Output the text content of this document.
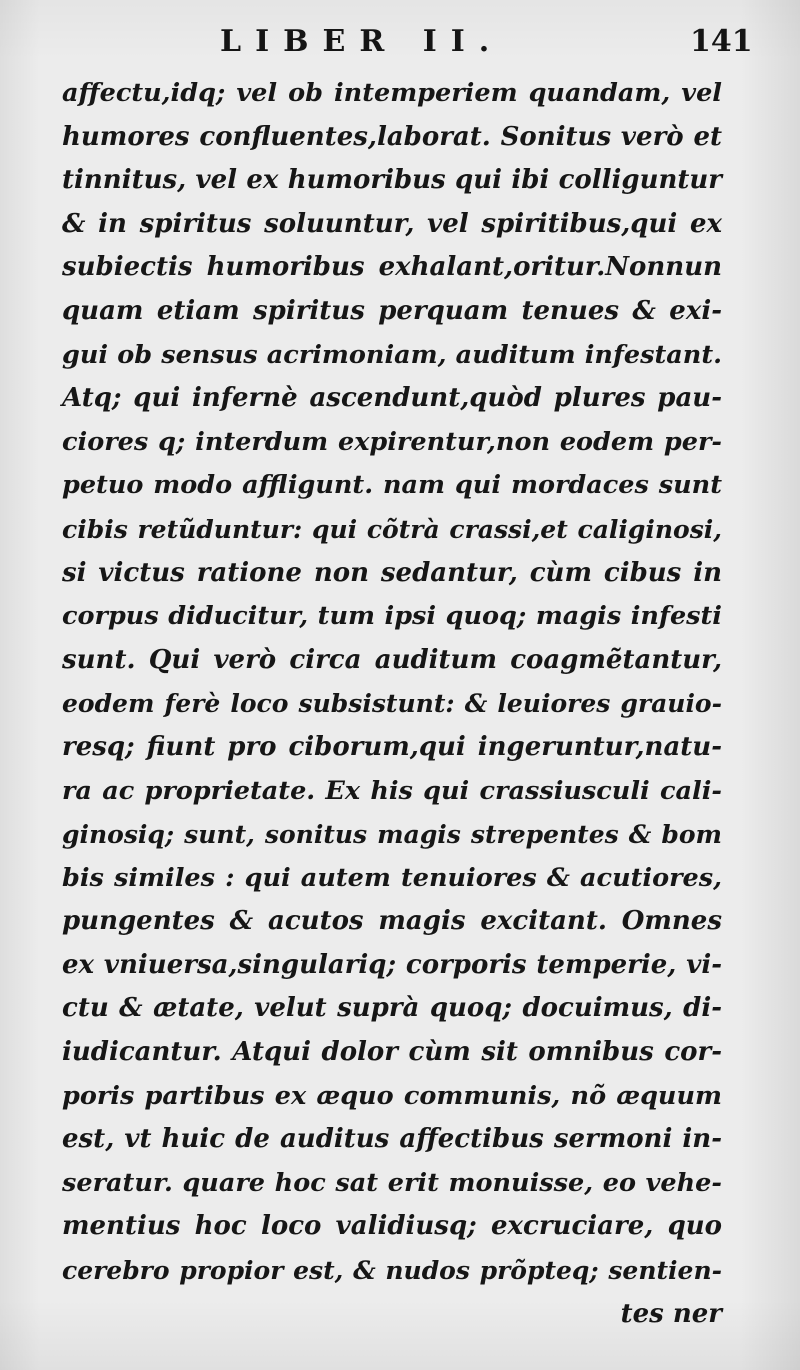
LIBER II.	141
affectu,idq; vel ob intemperiem quandam, vel
humores confluentes,laborat. Sonitus verò et
tinnitus, vel ex humoribus qui ibi colliguntur
& in spiritus soluuntur, vel spiritibus,qui ex
subiectis humoribus exhalant,oritur.Nonnun
quam etiam spiritus perquam tenues & exi-
gui ob sensus acrimoniam, auditum infestant.
Atq; qui infernè ascendunt,quòd plures pau-
ciores q; interdum expirentur,non eodem per-
petuo modo affligunt. nam qui mordaces sunt
cibis retũduntur: qui cõtrà crassi,et caliginosi,
si victus ratione non sedantur, cùm cibus in
corpus diducitur, tum ipsi quoq; magis infesti
sunt. Qui verò circa auditum coagmẽtantur,
eodem ferè loco subsistunt: & leuiores grauio-
resq; fiunt pro ciborum,qui ingeruntur,natu-
ra ac proprietate. Ex his qui crassiusculi cali-
ginosiq; sunt, sonitus magis strepentes & bom
bis similes : qui autem tenuiores & acutiores,
pungentes & acutos magis excitant. Omnes
ex vniuersa,singulariq; corporis temperie, vi-
ctu & ætate, velut suprà quoq; docuimus, di-
iudicantur. Atqui dolor cùm sit omnibus cor-
poris partibus ex æquo communis, nõ æquum
est, vt huic de auditus affectibus sermoni in-
seratur. quare hoc sat erit monuisse, eo vehe-
mentius hoc loco validiusq; excruciare, quo
cerebro propior est, & nudos prõpteq; sentien-
tes ner
